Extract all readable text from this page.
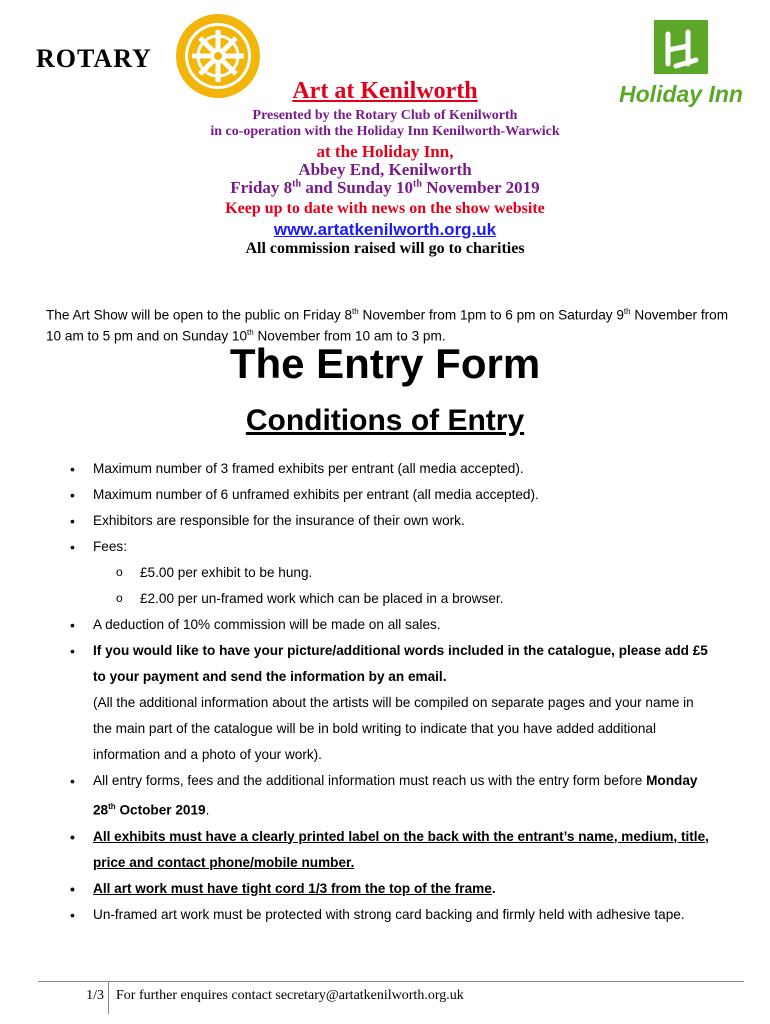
ROTARY
Holiday Inn
Art at Kenilworth
Presented by the Rotary Club of Kenilworth
in co-operation with the Holiday Inn Kenilworth-Warwick
at the Holiday Inn,
Abbey End, Kenilworth
Friday 8th and Sunday 10th November 2019
Keep up to date with news on the show website
www.artatkenilworth.org.uk
All commission raised will go to charities
The Art Show will be open to the public on Friday 8th November from 1pm to 6 pm on Saturday 9th November from 10 am to 5 pm and on Sunday 10th November from 10 am to 3 pm.
The Entry Form
Conditions of Entry
• Maximum number of 3 framed exhibits per entrant (all media accepted).
• Maximum number of 6 unframed exhibits per entrant (all media accepted).
• Exhibitors are responsible for the insurance of their own work.
• Fees:
o £5.00 per exhibit to be hung.
o £2.00 per un-framed work which can be placed in a browser.
• A deduction of 10% commission will be made on all sales.
• If you would like to have your picture/additional words included in the catalogue, please add £5 to your payment and send the information by an email.
(All the additional information about the artists will be compiled on separate pages and your name in the main part of the catalogue will be in bold writing to indicate that you have added additional information and a photo of your work).
• All entry forms, fees and the additional information must reach us with the entry form before Monday 28th October 2019.
• All exhibits must have a clearly printed label on the back with the entrant’s name, medium, title, price and contact phone/mobile number.
• All art work must have tight cord 1/3 from the top of the frame.
• Un-framed art work must be protected with strong card backing and firmly held with adhesive tape.
1/3 For further enquires contact secretary@artatkenilworth.org.uk
